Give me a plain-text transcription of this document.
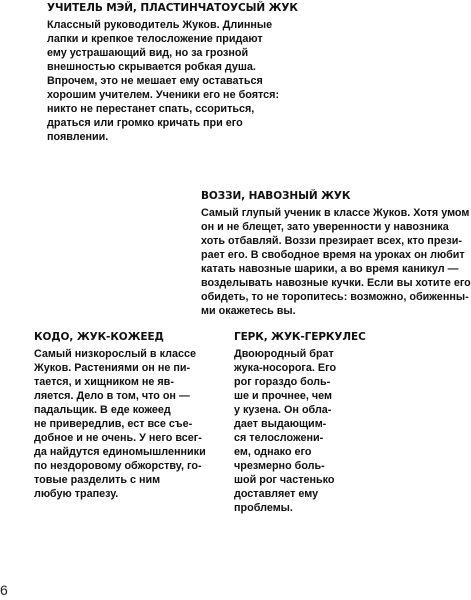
УЧИТЕЛЬ МЭЙ, ПЛАСТИНЧАТОУСЫЙ ЖУК
Классный руководитель Жуков. Длинные
лапки и крепкое телосложение придают
ему устрашающий вид, но за грозной
внешностью скрывается робкая душа.
Впрочем, это не мешает ему оставаться
хорошим учителем. Ученики его не боятся:
никто не перестанет спать, ссориться,
драться или громко кричать при его
появлении.
ВОЗЗИ, НАВОЗНЫЙ ЖУК
Самый глупый ученик в классе Жуков. Хотя умом
он и не блещет, зато уверенности у навозника
хоть отбавляй. Воззи презирает всех, кто прези-
рает его. В свободное время на уроках он любит
катать навозные шарики, а во время каникул —
возделывать навозные кучки. Если вы хотите его
обидеть, то не торопитесь: возможно, обиженны-
ми окажетесь вы.
КОДО, ЖУК-КОЖЕЕД
Самый низкорослый в классе
Жуков. Растениями он не пи-
тается, и хищником не яв-
ляется. Дело в том, что он —
падальщик. В еде кожеед
не привередлив, ест все съе-
добное и не очень. У него всег-
да найдутся единомышленники
по нездоровому обжорству, го-
товые разделить с ним
любую трапезу.
ГЕРК, ЖУК-ГЕРКУЛЕС
Двоюродный брат
жука-носорога. Его
рог гораздо боль-
ше и прочнее, чем
у кузена. Он обла-
дает выдающим-
ся телосложени-
ем, однако его
чрезмерно боль-
шой рог частенько
доставляет ему
проблемы.
6
